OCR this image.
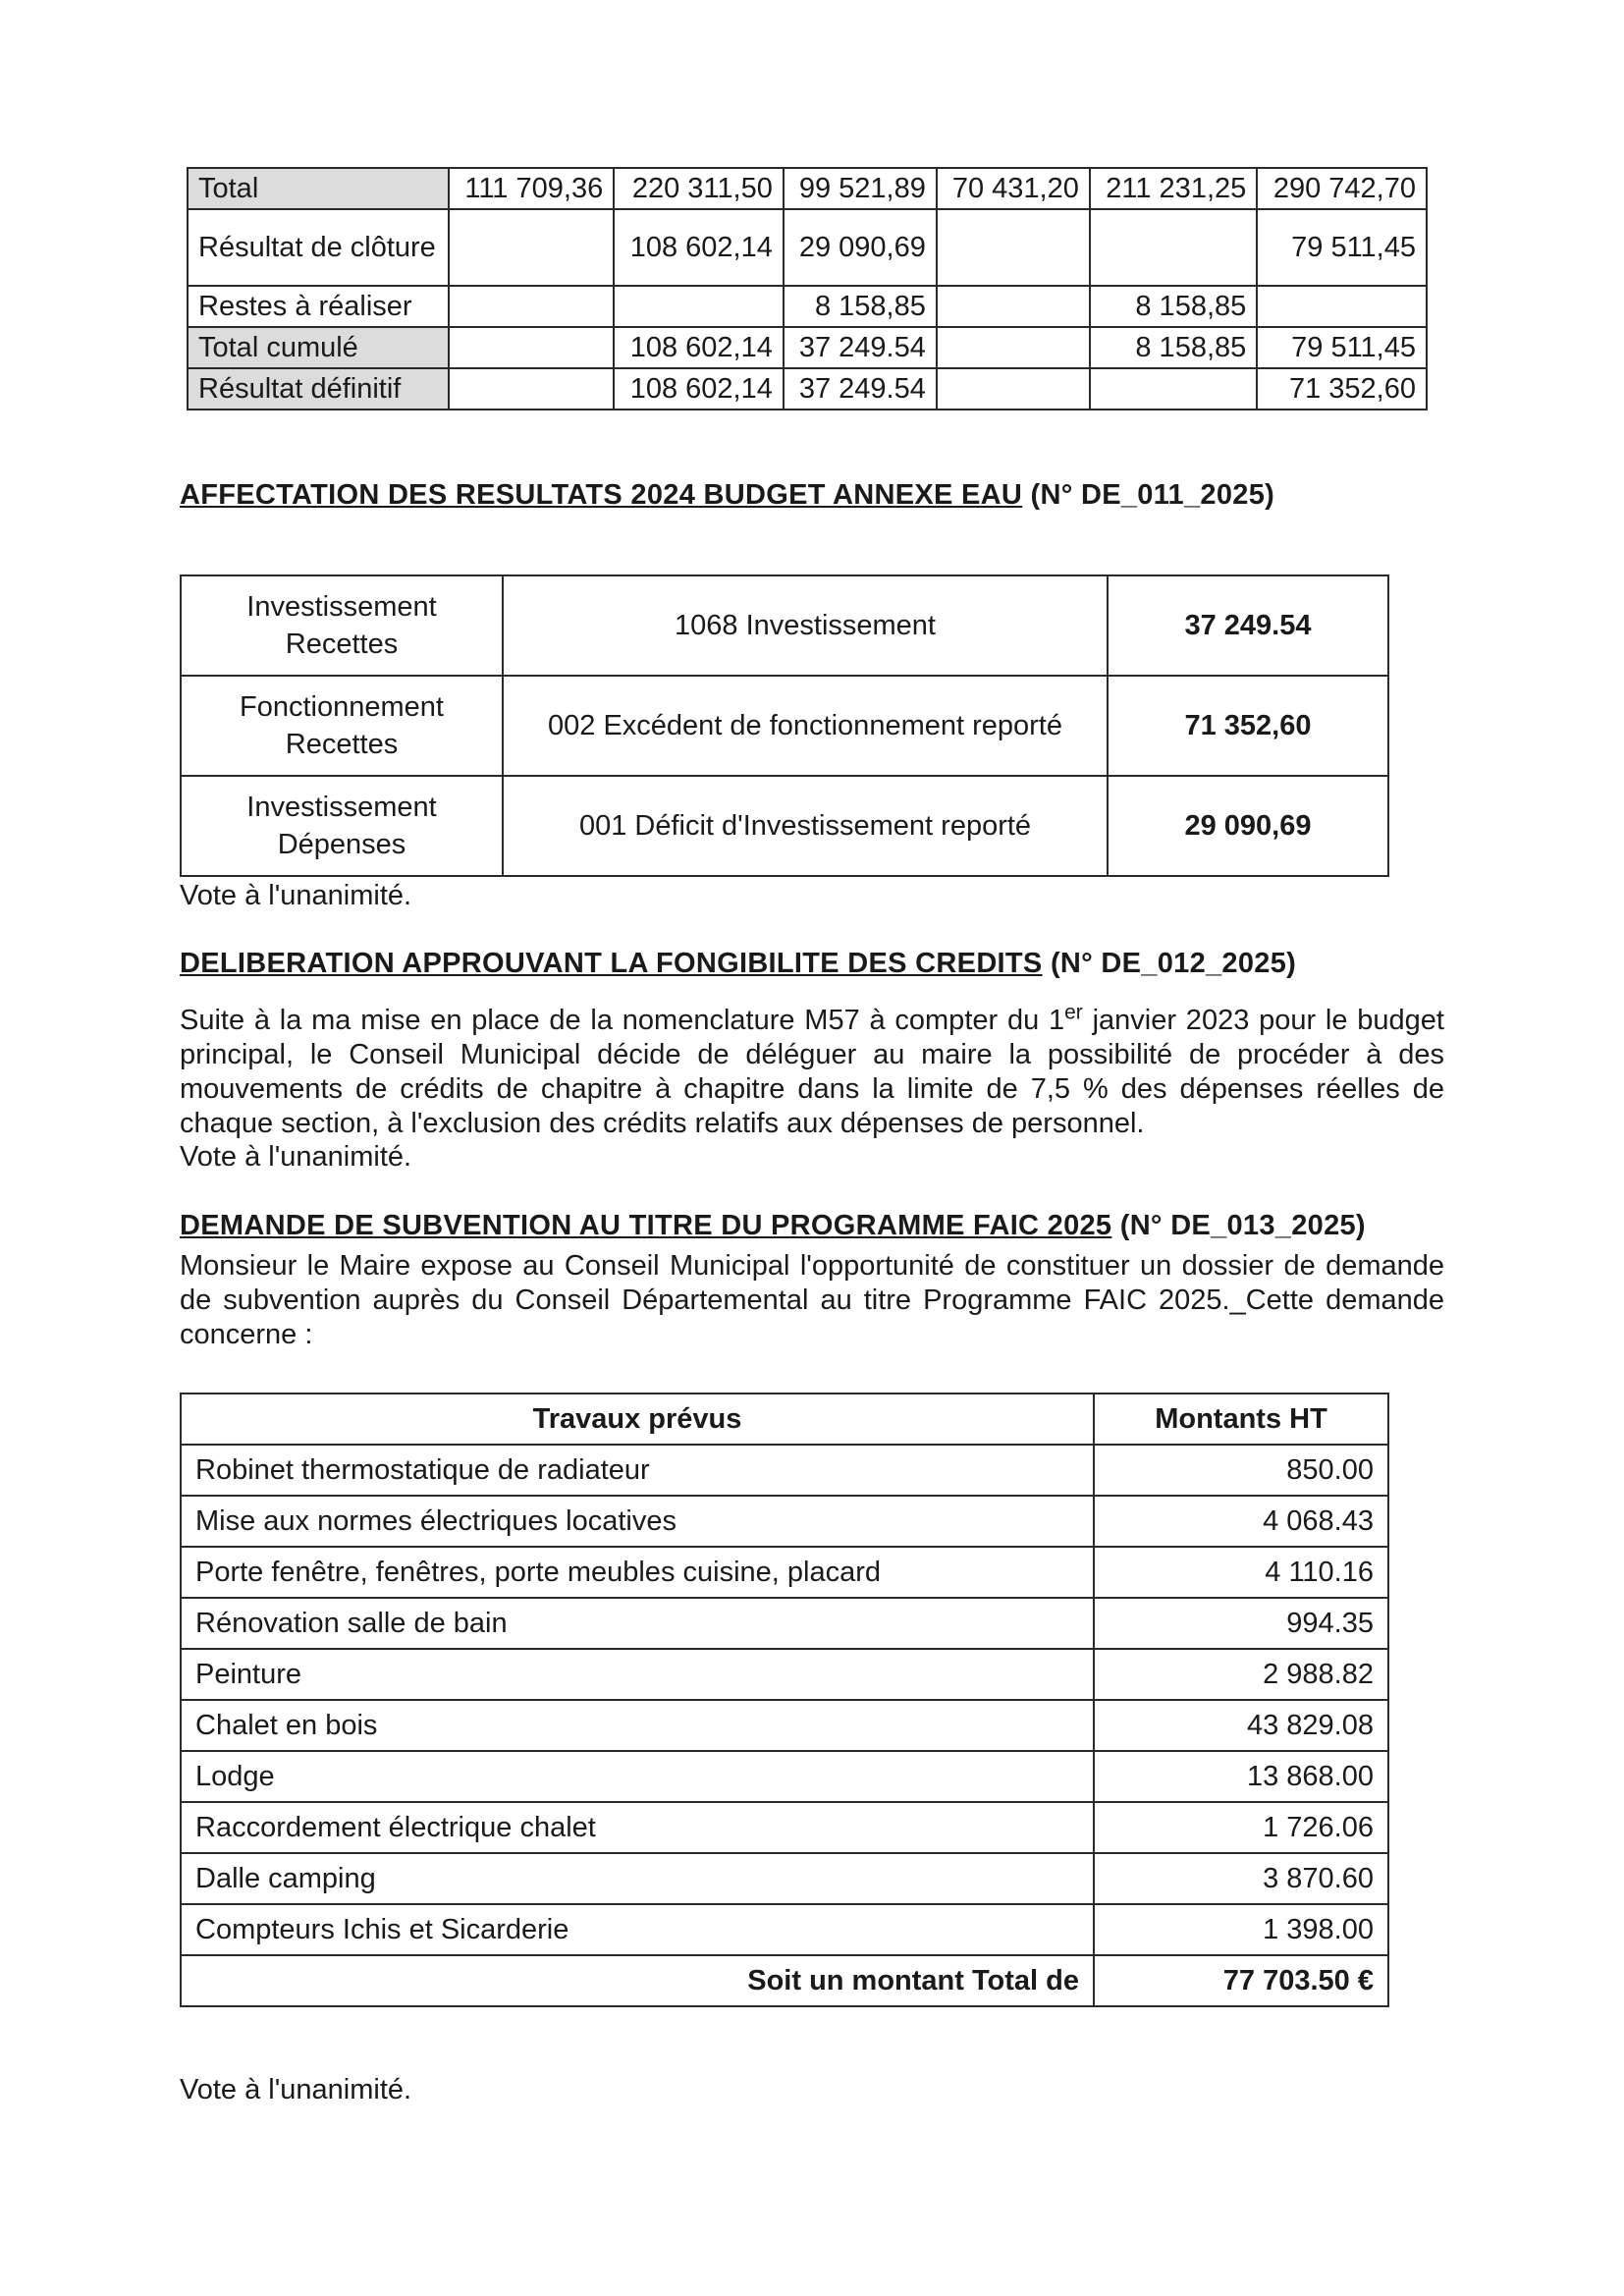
Total	111 709,36	220 311,50	99 521,89	70 431,20	211 231,25	290 742,70
Résultat de clôture		108 602,14	29 090,69			79 511,45
Restes à réaliser			8 158,85		8 158,85	
Total cumulé		108 602,14	37 249.54		8 158,85	79 511,45
Résultat définitif		108 602,14	37 249.54			71 352,60
AFFECTATION DES RESULTATS 2024 BUDGET ANNEXE EAU (N° DE_011_2025)
Investissement
Recettes	1068 Investissement	37 249.54

Fonctionnement
Recettes	002 Excédent de fonctionnement reporté	71 352,60

Investissement
Dépenses	001 Déficit d'Investissement reporté	29 090,69
Vote à l'unanimité.
DELIBERATION APPROUVANT LA FONGIBILITE DES CREDITS (N° DE_012_2025)
Suite à la ma mise en place de la nomenclature M57 à compter du 1er janvier 2023 pour le budget principal, le Conseil Municipal décide de déléguer au maire la possibilité de procéder à des mouvements de crédits de chapitre à chapitre dans la limite de 7,5 % des dépenses réelles de chaque section, à l'exclusion des crédits relatifs aux dépenses de personnel.
Vote à l'unanimité.
DEMANDE DE SUBVENTION AU TITRE DU PROGRAMME FAIC 2025 (N° DE_013_2025)
Monsieur le Maire expose au Conseil Municipal l'opportunité de constituer un dossier de demande de subvention auprès du Conseil Départemental au titre Programme FAIC 2025._Cette demande concerne :
Travaux prévus	Montants HT
Robinet thermostatique de radiateur	850.00
Mise aux normes électriques locatives	4 068.43
Porte fenêtre, fenêtres, porte meubles cuisine, placard	4 110.16
Rénovation salle de bain	994.35
Peinture	2 988.82
Chalet en bois	43 829.08
Lodge	13 868.00
Raccordement électrique chalet	1 726.06
Dalle camping	3 870.60
Compteurs Ichis et Sicarderie	1 398.00
Soit un montant Total de	77 703.50 €
Vote à l'unanimité.
